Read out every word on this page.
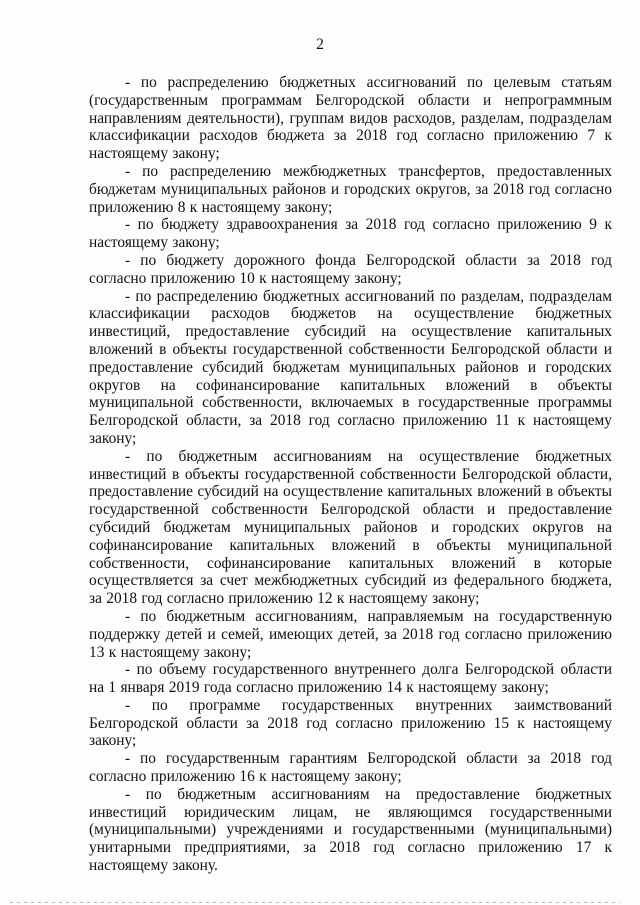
2

- по распределению бюджетных ассигнований по целевым статьям (государственным программам Белгородской области и непрограммным направлениям деятельности), группам видов расходов, разделам, подразделам классификации расходов бюджета за 2018 год согласно приложению 7 к настоящему закону;

- по распределению межбюджетных трансфертов, предоставленных бюджетам муниципальных районов и городских округов, за 2018 год согласно приложению 8 к настоящему закону;

- по бюджету здравоохранения за 2018 год согласно приложению 9 к настоящему закону;

- по бюджету дорожного фонда Белгородской области за 2018 год согласно приложению 10 к настоящему закону;

- по распределению бюджетных ассигнований по разделам, подразделам классификации расходов бюджетов на осуществление бюджетных инвестиций, предоставление субсидий на осуществление капитальных вложений в объекты государственной собственности Белгородской области и предоставление субсидий бюджетам муниципальных районов и городских округов на софинансирование капитальных вложений в объекты муниципальной собственности, включаемых в государственные программы Белгородской области, за 2018 год согласно приложению 11 к настоящему закону;

- по бюджетным ассигнованиям на осуществление бюджетных инвестиций в объекты государственной собственности Белгородской области, предоставление субсидий на осуществление капитальных вложений в объекты государственной собственности Белгородской области и предоставление субсидий бюджетам муниципальных районов и городских округов на софинансирование капитальных вложений в объекты муниципальной собственности, софинансирование капитальных вложений в которые осуществляется за счет межбюджетных субсидий из федерального бюджета, за 2018 год согласно приложению 12 к настоящему закону;

- по бюджетным ассигнованиям, направляемым на государственную поддержку детей и семей, имеющих детей, за 2018 год согласно приложению 13 к настоящему закону;

- по объему государственного внутреннего долга Белгородской области на 1 января 2019 года согласно приложению 14 к настоящему закону;

- по программе государственных внутренних заимствований Белгородской области за 2018 год согласно приложению 15 к настоящему закону;

- по государственным гарантиям Белгородской области за 2018 год согласно приложению 16 к настоящему закону;

- по бюджетным ассигнованиям на предоставление бюджетных инвестиций юридическим лицам, не являющимся государственными (муниципальными) учреждениями и государственными (муниципальными) унитарными предприятиями, за 2018 год согласно приложению 17 к настоящему закону.
